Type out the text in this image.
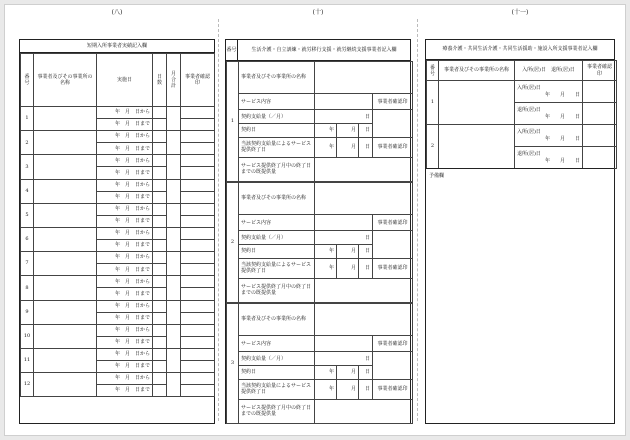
(八)
短期入所事業者実績記入欄
番号	事業者及びその事業所の名称	実施日	日数	月合計	事業者確認印
1		年　月　日から			
		年　月　日まで			
2		年　月　日から			
		年　月　日まで			
3		年　月　日から			
		年　月　日まで			
4		年　月　日から			
		年　月　日まで			
5		年　月　日から			
		年　月　日まで			
6		年　月　日から			
		年　月　日まで			
7		年　月　日から			
		年　月　日まで			
8		年　月　日から			
		年　月　日まで			
9		年　月　日から			
		年　月　日まで			
10		年　月　日から			
		年　月　日まで			
11		年　月　日から			
		年　月　日まで			
12		年　月　日から			
		年　月　日まで			
(十)
番号	生活介護・自立訓練・就労移行支援・就労継続支援事業者記入欄
1	事業者及びその事業所の名称				
	サービス内容				事業者確認印
	契約支給量（／月）	日			
	契約日	年	月	日	
	当該契約支給量によるサービス提供終了日	年	月	日	事業者確認印
	サービス提供終了月中の終了日までの既提供量				
2	事業者及びその事業所の名称				
	サービス内容				事業者確認印
	契約支給量（／月）	日			
	契約日	年	月	日	
	当該契約支給量によるサービス提供終了日	年	月	日	事業者確認印
	サービス提供終了月中の終了日までの既提供量				
3	事業者及びその事業所の名称				
	サービス内容				事業者確認印
	契約支給量（／月）	日			
	契約日	年	月	日	
	当該契約支給量によるサービス提供終了日	年	月	日	事業者確認印
	サービス提供終了月中の終了日までの既提供量				
(十一)
療養介護・共同生活介護・共同生活援助・施設入所支援事業者記入欄
番号	事業者及びその事業所の名称	入所(居)日　退所(居)日	事業者確認印
1		入所(居)日
年　　月　　日	

		退所(居)日
年　　月　　日	

2		入所(居)日
年　　月　　日	

		退所(居)日
年　　月　　日	

予備欄
